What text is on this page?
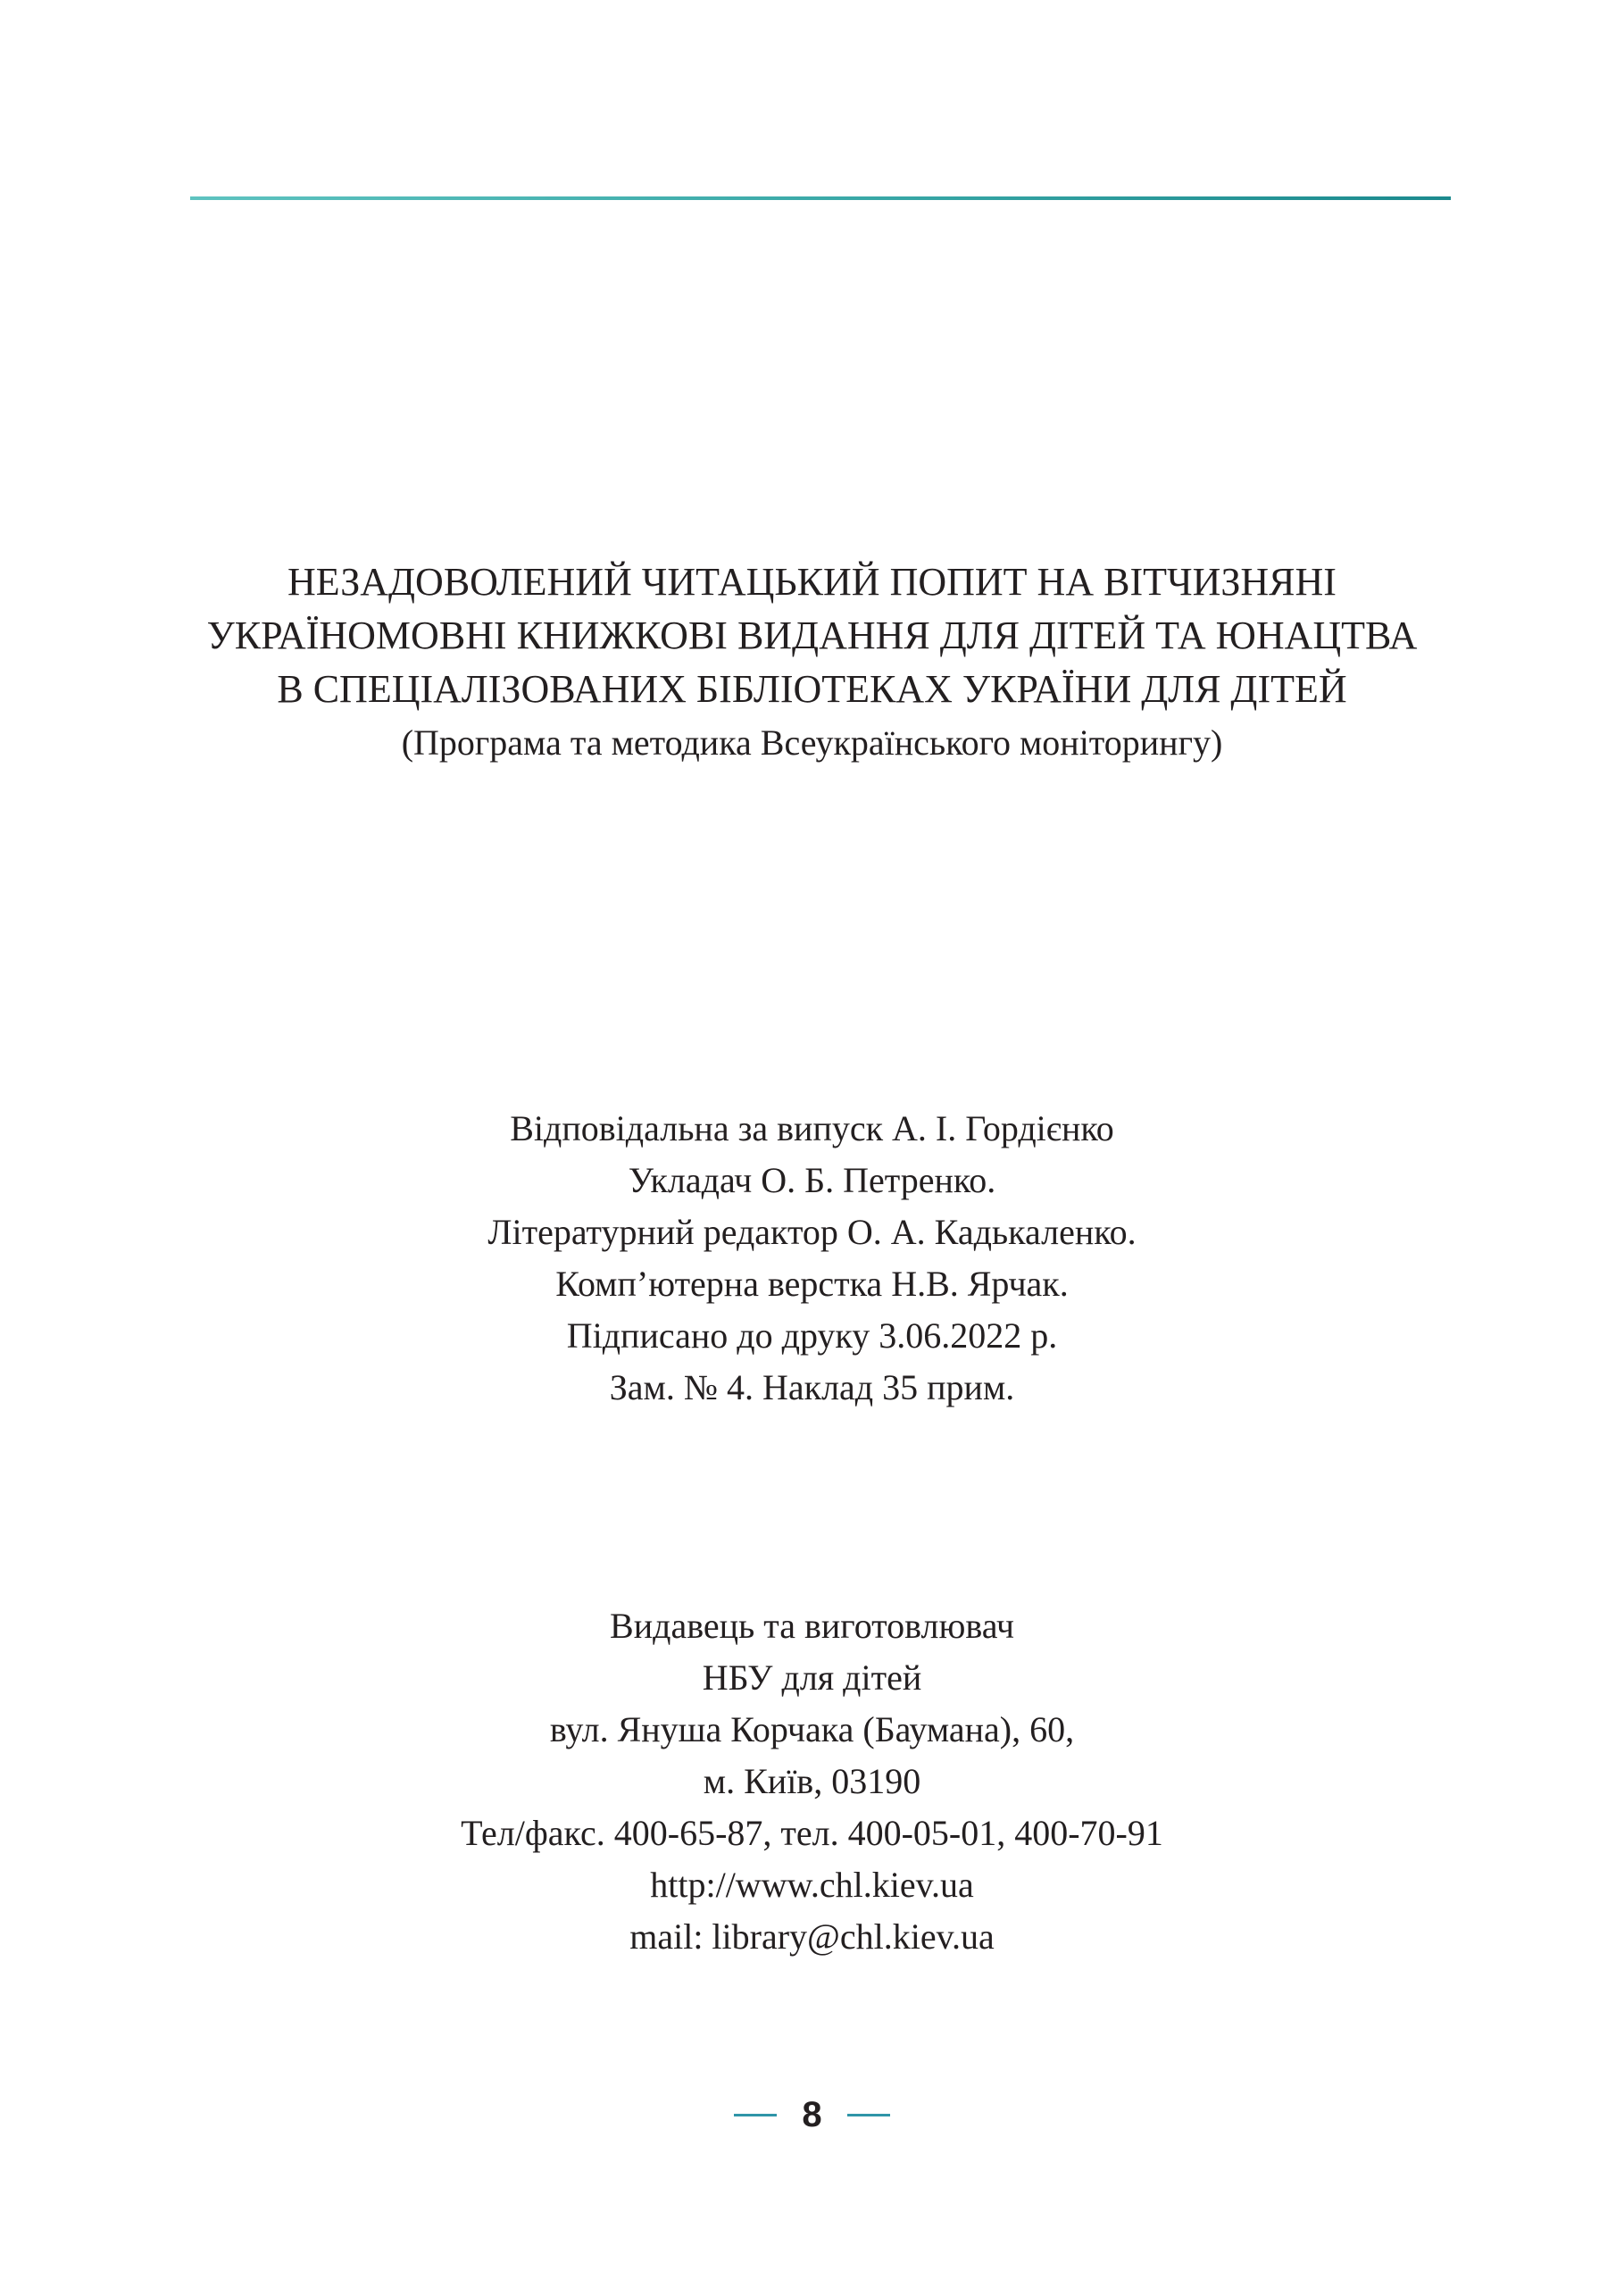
НЕЗАДОВОЛЕНИЙ ЧИТАЦЬКИЙ ПОПИТ НА ВІТЧИЗНЯНІ
УКРАЇНОМОВНІ КНИЖКОВІ ВИДАННЯ ДЛЯ ДІТЕЙ ТА ЮНАЦТВА
В СПЕЦІАЛІЗОВАНИХ БІБЛІОТЕКАХ УКРАЇНИ ДЛЯ ДІТЕЙ
(Програма та методика Всеукраїнського моніторингу)
Відповідальна за випуск А. І. Гордієнко
Укладач О. Б. Петренко.
Літературний редактор О. А. Кадькаленко.
Комп’ютерна верстка Н.В. Ярчак.
Підписано до друку 3.06.2022 р.
Зам. № 4. Наклад 35 прим.
Видавець та виготовлювач
НБУ для дітей
вул. Януша Корчака (Баумана), 60,
м. Київ, 03190
Тел/факс. 400-65-87, тел. 400-05-01, 400-70-91
http://www.chl.kiev.ua
mail: library@chl.kiev.ua
8
